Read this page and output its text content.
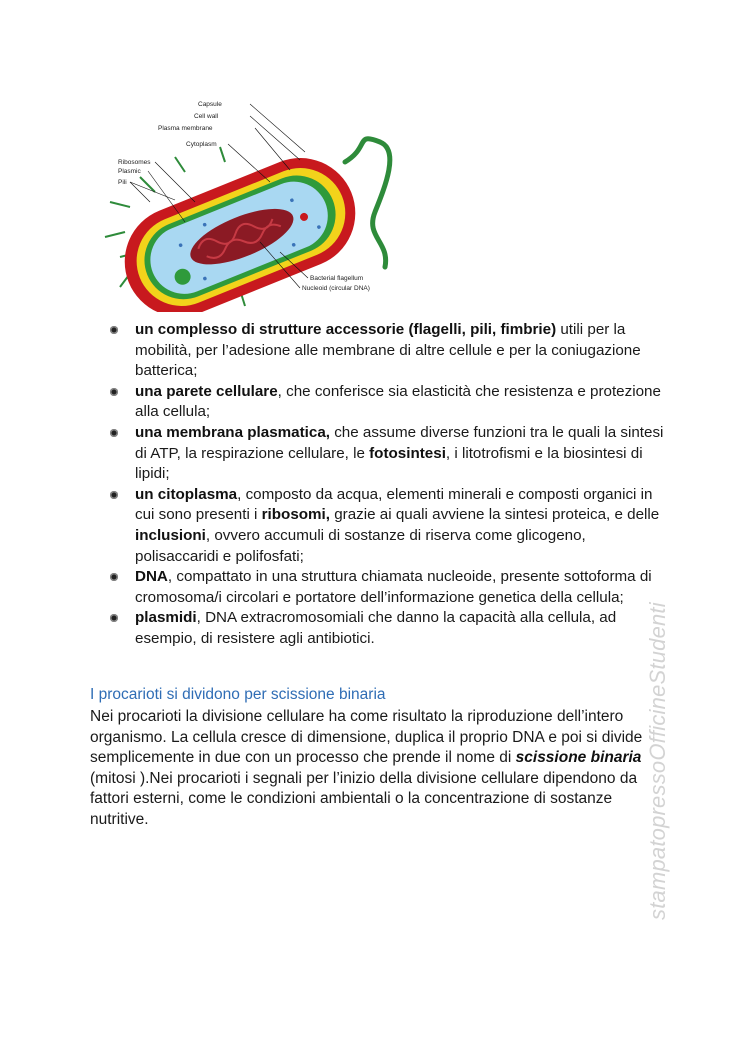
Capsule
Cell wall
Plasma membrane
Cytoplasm
Ribosomes
Plasmic
Pili
Bacterial flagellum
Nucleoid (circular DNA)
un complesso di strutture accessorie (flagelli, pili, fimbrie) utili per la mobilità, per l’adesione alle membrane di altre cellule e per la coniugazione batterica;
una parete cellulare, che conferisce sia elasticità che resistenza e protezione alla cellula;
una membrana plasmatica, che assume diverse funzioni tra le quali la sintesi di ATP, la respirazione cellulare, le fotosintesi, i litotrofismi e la biosintesi di lipidi;
un citoplasma, composto da acqua, elementi minerali e composti organici in cui sono presenti i ribosomi, grazie ai quali avviene la sintesi proteica, e delle inclusioni, ovvero accumuli di sostanze di riserva come glicogeno, polisaccaridi e polifosfati;
DNA, compattato in una struttura chiamata nucleoide, presente sottoforma di cromosoma/i circolari e portatore dell’informazione genetica della cellula;
plasmidi, DNA extracromosomiali che danno la capacità alla cellula, ad esempio, di resistere agli antibiotici.
I procarioti si dividono per scissione binaria

Nei procarioti la divisione cellulare ha come risultato la riproduzione dell’intero organismo. La cellula cresce di dimensione, duplica il proprio DNA e poi si divide semplicemente in due con un processo che prende il nome di scissione binaria (mitosi ).Nei procarioti i segnali per l’inizio della divisione cellulare dipendono da fattori esterni, come le condizioni ambientali o la concentrazione di sostanze nutritive.	stampatopressoOfficineStudenti
